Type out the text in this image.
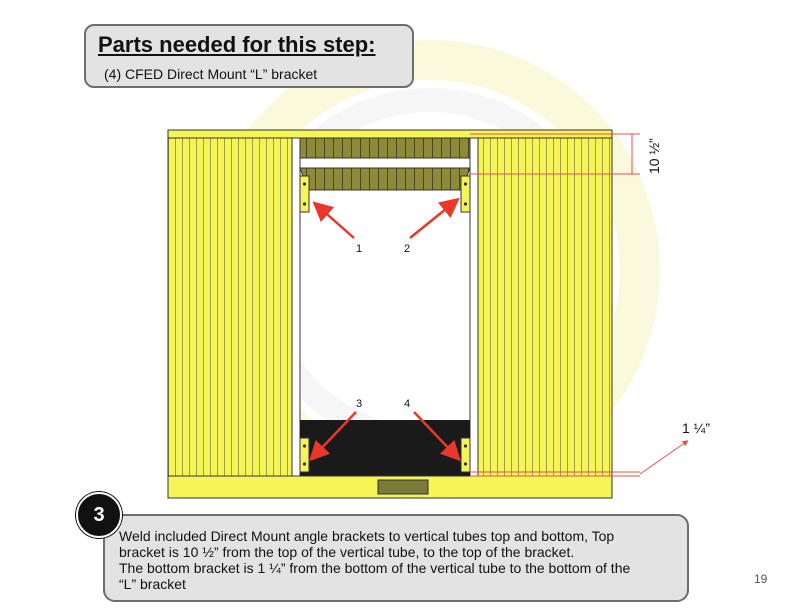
Parts needed for this step:
(4) CFED Direct Mount “L” bracket
1	2
3	4
10 ½”
1 ¼”

Weld included Direct Mount angle brackets to vertical tubes top and bottom, Top
bracket is 10 ½” from the top of the vertical tube, to the top of the bracket.
The bottom bracket is 1 ¼” from the bottom of the vertical tube to the bottom of the
“L” bracket

3
19
